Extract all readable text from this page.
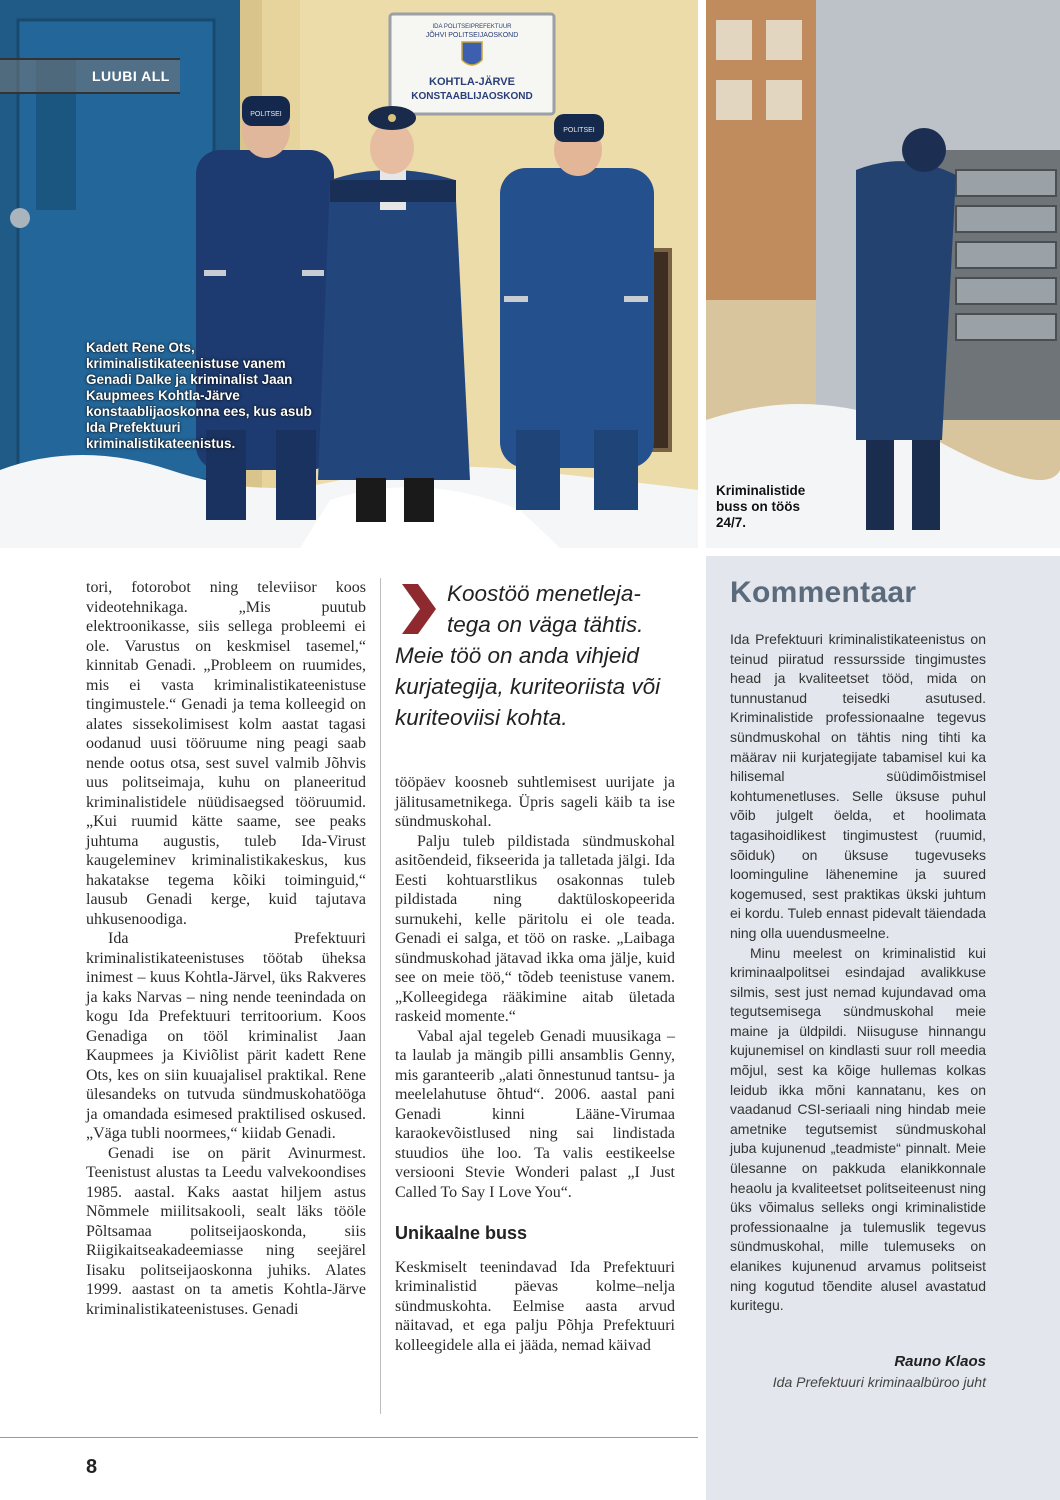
IDA POLITSEIPREFEKTUUR
JÕHVI POLITSEIJAOSKOND
KOHTLA-JÄRVE
KONSTAABLIJAOSKOND
POLITSEI
POLITSEI
LUUBI ALL
Kadett Rene Ots, kriminalistikateenistuse vanem Genadi Dalke ja kriminalist Jaan Kaupmees Kohtla-Järve konstaablijaoskonna ees, kus asub Ida Prefektuuri kriminalistikateenistus.
Kriminalistide buss on töös 24/7.

tori, fotorobot ning televiisor koos videotehnikaga. „Mis puutub elektroonikasse, siis sellega probleemi ei ole. Varustus on keskmisel tasemel,“ kinnitab Genadi. „Probleem on ruumides, mis ei vasta kriminalistikateenistuse tingimustele.“ Genadi ja tema kolleegid on alates sissekolimisest kolm aastat tagasi oodanud uusi tööruume ning peagi saab nende ootus otsa, sest suvel valmib Jõhvis uus politseimaja, kuhu on planeeritud kriminalistidele nüüdisaegsed tööruumid. „Kui ruumid kätte saame, see peaks juhtuma augustis, tuleb Ida-Virust kaugeleminev kriminalistikakeskus, kus hakatakse tegema kõiki toiminguid,“ lausub Genadi kerge, kuid tajutava uhkusenoodiga.

Ida Prefektuuri kriminalistikateenistuses töötab üheksa inimest – kuus Kohtla-Järvel, üks Rakveres ja kaks Narvas – ning nende teenindada on kogu Ida Prefektuuri territoorium. Koos Genadiga on tööl kriminalist Jaan Kaupmees ja Kiviõlist pärit kadett Rene Ots, kes on siin kuuajalisel praktikal. Rene ülesandeks on tutvuda sündmuskohatööga ja omandada esimesed praktilised oskused. „Väga tubli noormees,“ kiidab Genadi.

Genadi ise on pärit Avinurmest. Teenistust alustas ta Leedu valvekoondises 1985. aastal. Kaks aastat hiljem astus Nõmmele miilitsakooli, sealt läks tööle Põltsamaa politseijaoskonda, siis Riigikaitseakadeemiasse ning seejärel Iisaku politseijaoskonna juhiks. Alates 1999. aastast on ta ametis Kohtla-Järve kriminalistikateenistuses. Genadi

Koostöö menetleja-
tega on väga tähtis.
Meie töö on anda vihjeid kurjategija, kuriteoriista või kuriteoviisi kohta.

tööpäev koosneb suhtlemisest uurijate ja jälitusametnikega. Üpris sageli käib ta ise sündmuskohal.

Palju tuleb pildistada sündmuskohal asitõendeid, fikseerida ja talletada jälgi. Ida Eesti kohtuarstlikus osakonnas tuleb pildistada ning daktüloskopeerida surnukehi, kelle päritolu ei ole teada. Genadi ei salga, et töö on raske. „Laibaga sündmuskohad jätavad ikka oma jälje, kuid see on meie töö,“ tõdeb teenistuse vanem. „Kolleegidega rääkimine aitab ületada raskeid momente.“

Vabal ajal tegeleb Genadi muusikaga – ta laulab ja mängib pilli ansamblis Genny, mis garanteerib „alati õnnestunud tantsu- ja meelelahutuse õhtud“. 2006. aastal pani Genadi kinni Lääne-Virumaa karaokevõistlused ning sai lindistada stuudios ühe loo. Ta valis eestikeelse versiooni Stevie Wonderi palast „I Just Called To Say I Love You“.

Unikaalne buss

Keskmiselt teenindavad Ida Prefektuuri kriminalistid päevas kolme–nelja sündmuskohta. Eelmise aasta arvud näitavad, et ega palju Põhja Prefektuuri kolleegidele alla ei jääda, nemad käivad

Kommentaar

Ida Prefektuuri kriminalistikateenistus on teinud piiratud ressursside tingimustes head ja kvaliteetset tööd, mida on tunnustanud teisedki asutused. Kriminalistide professionaalne tegevus sündmuskohal on tähtis ning tihti ka määrav nii kurjategijate tabamisel kui ka hilisemal süüdimõistmisel kohtumenetluses. Selle üksuse puhul võib julgelt öelda, et hoolimata tagasihoidlikest tingimustest (ruumid, sõiduk) on üksuse tugevuseks loominguline lähenemine ja suured kogemused, sest praktikas ükski juhtum ei kordu. Tuleb ennast pidevalt täiendada ning olla uuendusmeelne.

Minu meelest on kriminalistid kui kriminaalpolitsei esindajad avalikkuse silmis, sest just nemad kujundavad oma tegutsemisega sündmuskohal meie maine ja üldpildi. Niisuguse hinnangu kujunemisel on kindlasti suur roll meedia mõjul, sest ka kõige hullemas kolkas leidub ikka mõni kannatanu, kes on vaadanud CSI-seriaali ning hindab meie ametnike tegutsemist sündmuskohal juba kujunenud „teadmiste“ pinnalt. Meie ülesanne on pakkuda elanikkonnale heaolu ja kvaliteetset politseiteenust ning üks võimalus selleks ongi kriminalistide professionaalne ja tulemuslik tegevus sündmuskohal, mille tulemuseks on elanikes kujunenud arvamus politseist ning kogutud tõendite alusel avastatud kuritegu.

Rauno Klaos
Ida Prefektuuri kriminaalbüroo juht
8
